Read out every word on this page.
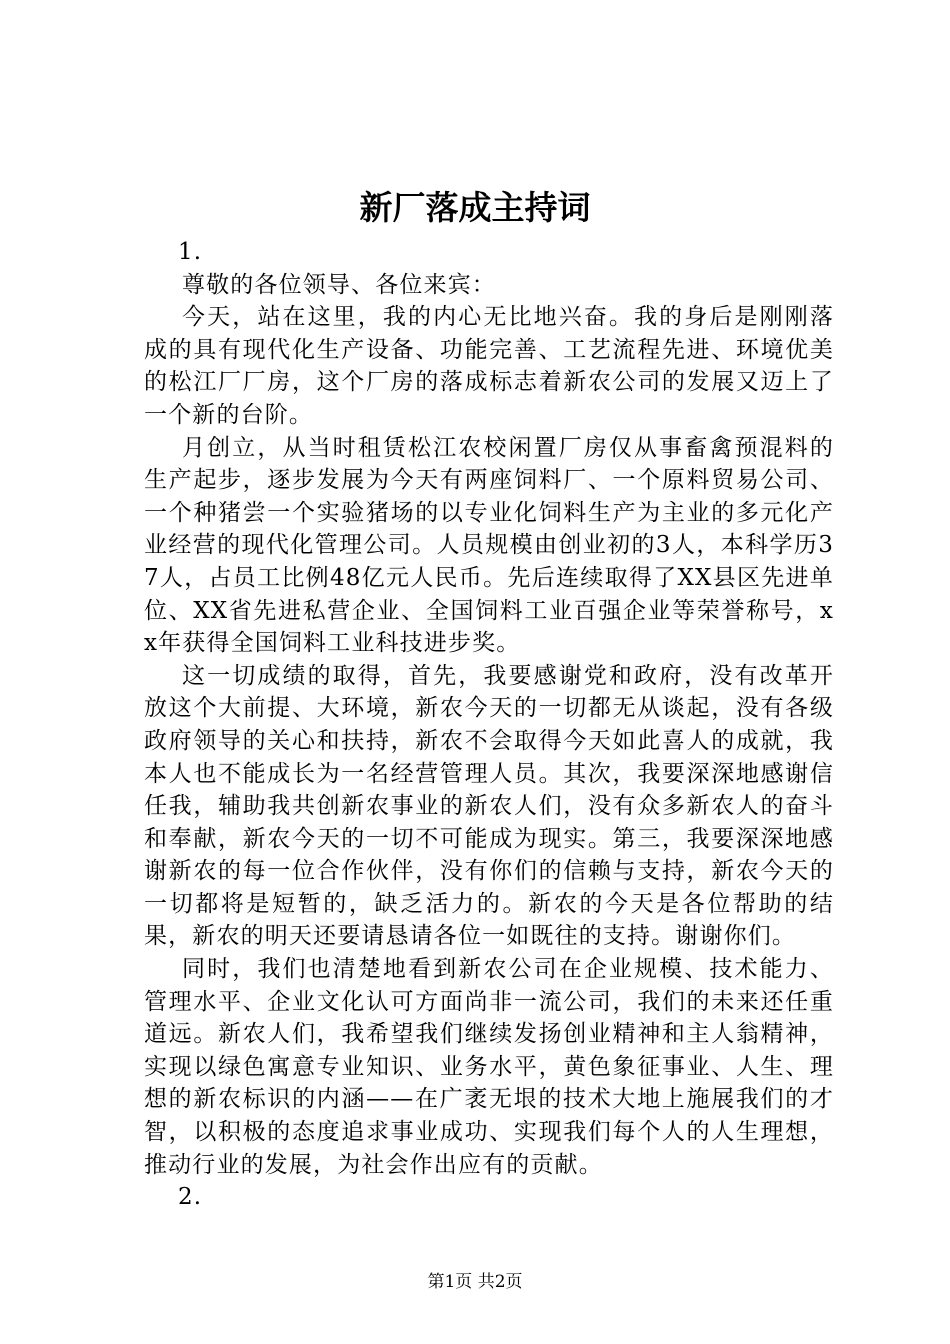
新厂落成主持词

1.

尊敬的各位领导、各位来宾：

今天，站在这里，我的内心无比地兴奋。我的身后是刚刚落成的具有现代化生产设备、功能完善、工艺流程先进、环境优美的松江厂厂房，这个厂房的落成标志着新农公司的发展又迈上了一个新的台阶。

月创立，从当时租赁松江农校闲置厂房仅从事畜禽预混料的生产起步，逐步发展为今天有两座饲料厂、一个原料贸易公司、一个种猪尝一个实验猪场的以专业化饲料生产为主业的多元化产业经营的现代化管理公司。人员规模由创业初的3人，本科学历37人，占员工比例48亿元人民币。先后连续取得了XX县区先进单位、XX省先进私营企业、全国饲料工业百强企业等荣誉称号，xx年获得全国饲料工业科技进步奖。

这一切成绩的取得，首先，我要感谢党和政府，没有改革开放这个大前提、大环境，新农今天的一切都无从谈起，没有各级政府领导的关心和扶持，新农不会取得今天如此喜人的成就，我本人也不能成长为一名经营管理人员。其次，我要深深地感谢信任我，辅助我共创新农事业的新农人们，没有众多新农人的奋斗和奉献，新农今天的一切不可能成为现实。第三，我要深深地感谢新农的每一位合作伙伴，没有你们的信赖与支持，新农今天的一切都将是短暂的，缺乏活力的。新农的今天是各位帮助的结果，新农的明天还要请恳请各位一如既往的支持。谢谢你们。

同时，我们也清楚地看到新农公司在企业规模、技术能力、管理水平、企业文化认可方面尚非一流公司，我们的未来还任重道远。新农人们，我希望我们继续发扬创业精神和主人翁精神，实现以绿色寓意专业知识、业务水平，黄色象征事业、人生、理想的新农标识的内涵——在广袤无垠的技术大地上施展我们的才智，以积极的态度追求事业成功、实现我们每个人的人生理想，推动行业的发展，为社会作出应有的贡献。

2.

第1页 共2页
